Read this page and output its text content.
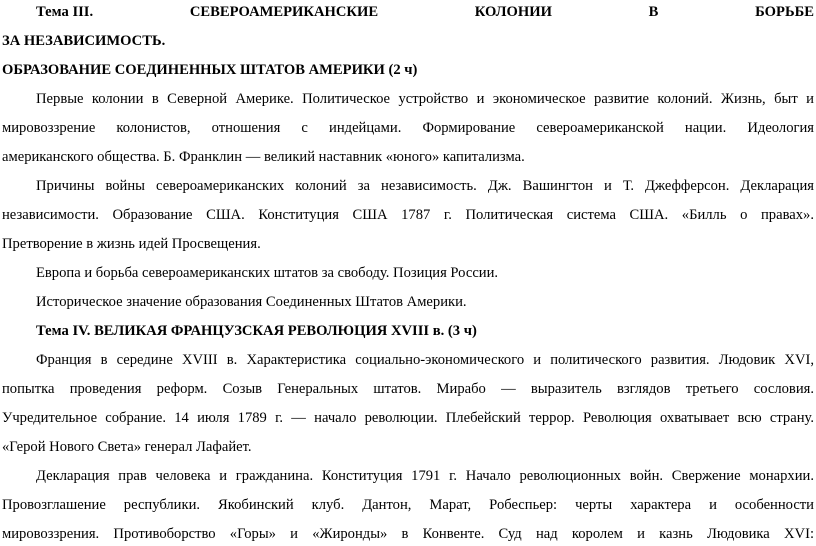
Тема III.	СЕВЕРОАМЕРИКАНСКИЕ	КОЛОНИИ	В	БОРЬБЕ
ЗА НЕЗАВИСИМОСТЬ.
ОБРАЗОВАНИЕ СОЕДИНЕННЫХ ШТАТОВ АМЕРИКИ (2 ч)
Первые колонии в Северной Америке. Политическое устройство и экономическое развитие колоний. Жизнь, быт и
мировоззрение колонистов, отношения с индейцами. Формирование североамериканской нации. Идеология
американского общества. Б. Франклин — великий наставник «юного» капитализма.
Причины войны североамериканских колоний за независимость. Дж. Вашингтон и Т. Джефферсон. Декларация
независимости. Образование США. Конституция США 1787 г. Политическая система США. «Билль о правах».
Претворение в жизнь идей Просвещения.
Европа и борьба североамериканских штатов за свободу. Позиция России.
Историческое значение образования Соединенных Штатов Америки.
Тема IV. ВЕЛИКАЯ ФРАНЦУЗСКАЯ РЕВОЛЮЦИЯ XVIII в. (3 ч)
Франция в середине XVIII в. Характеристика социально-экономического и политического развития. Людовик XVI,
попытка проведения реформ. Созыв Генеральных штатов. Мирабо — выразитель взглядов третьего сословия.
Учредительное собрание. 14 июля 1789 г. — начало революции. Плебейский террор. Революция охватывает всю страну.
«Герой Нового Света» генерал Лафайет.
Декларация прав человека и гражданина. Конституция 1791 г. Начало революционных войн. Свержение монархии.
Провозглашение республики. Якобинский клуб. Дантон, Марат, Робеспьер: черты характера и особенности
мировоззрения. Противоборство «Горы» и «Жиронды» в Конвенте. Суд над королем и казнь Людовика XVI:
